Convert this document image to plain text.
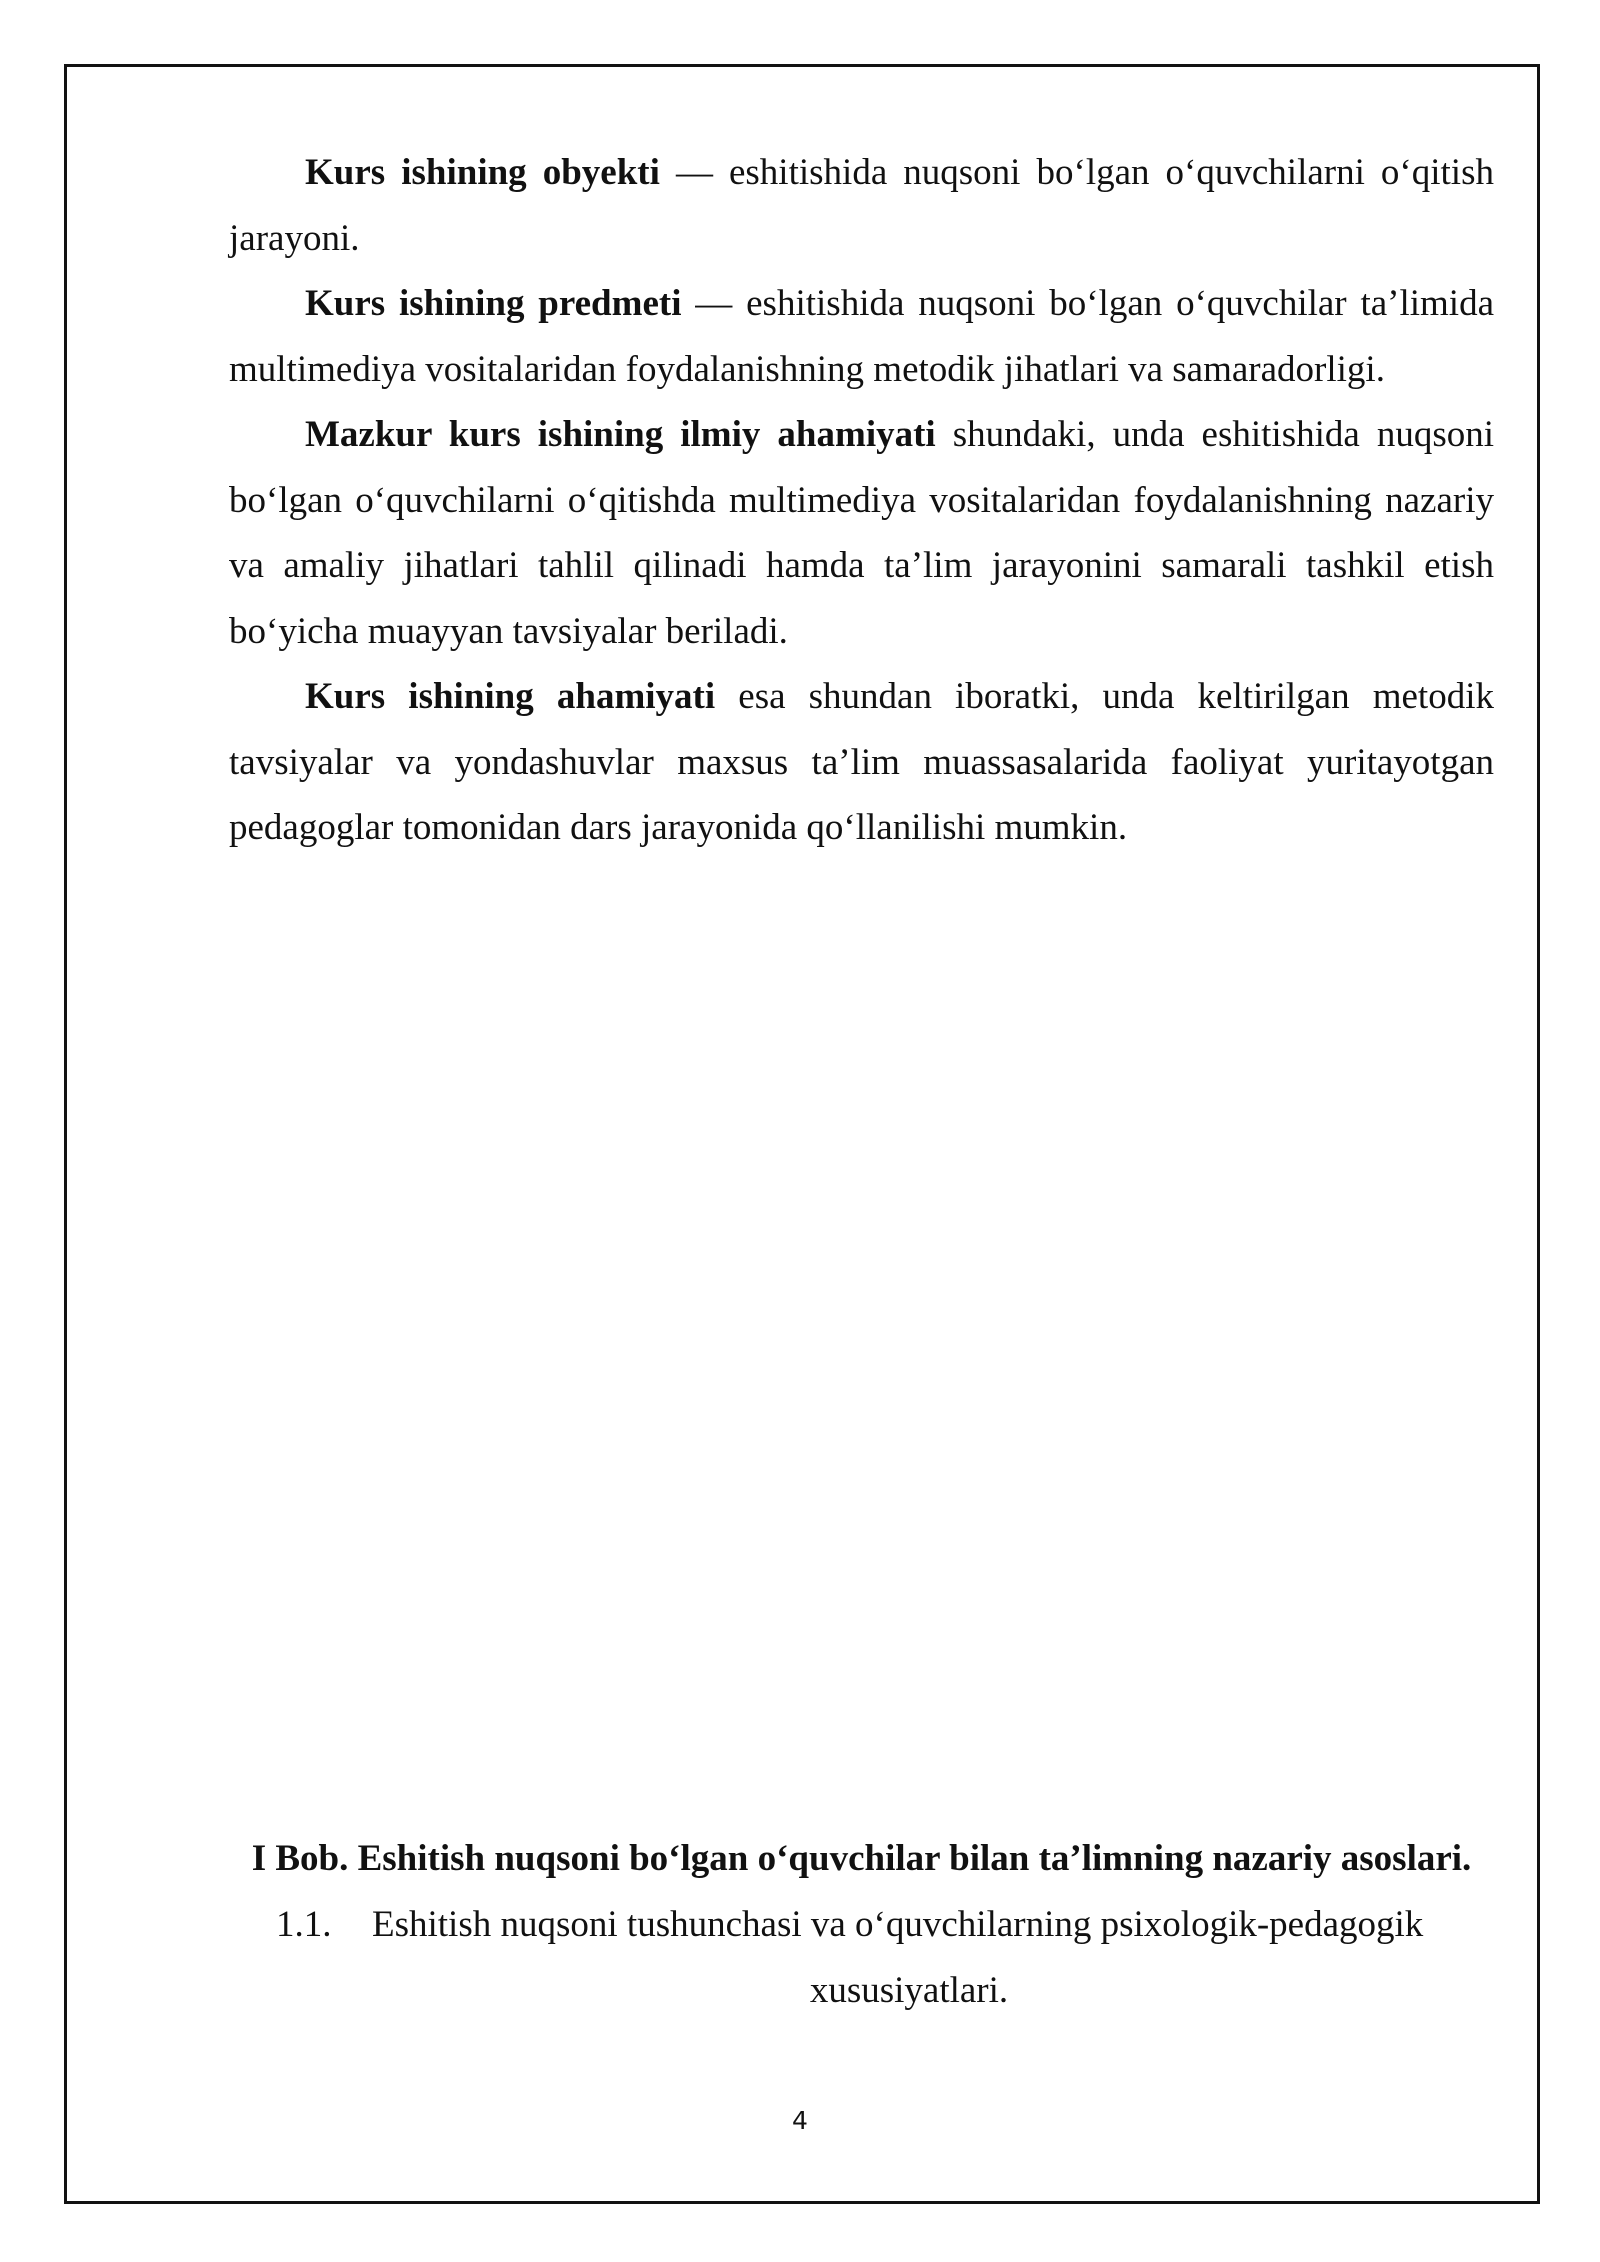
Kurs ishining obyekti — eshitishida nuqsoni bo‘lgan o‘quvchilarni o‘qitish jarayoni.

Kurs ishining predmeti — eshitishida nuqsoni bo‘lgan o‘quvchilar ta’limida multimediya vositalaridan foydalanishning metodik jihatlari va samaradorligi.

Mazkur kurs ishining ilmiy ahamiyati shundaki, unda eshitishida nuqsoni bo‘lgan o‘quvchilarni o‘qitishda multimediya vositalaridan foydalanishning nazariy va amaliy jihatlari tahlil qilinadi hamda ta’lim jarayonini samarali tashkil etish bo‘yicha muayyan tavsiyalar beriladi.

Kurs ishining ahamiyati esa shundan iboratki, unda keltirilgan metodik tavsiyalar va yondashuvlar maxsus ta’lim muassasalarida faoliyat yuritayotgan pedagoglar tomonidan dars jarayonida qo‘llanilishi mumkin.

I Bob. Eshitish nuqsoni bo‘lgan o‘quvchilar bilan ta’limning nazariy asoslari.
1.1.	Eshitish nuqsoni tushunchasi va o‘quvchilarning psixologik-pedagogik
xususiyatlari.
4
